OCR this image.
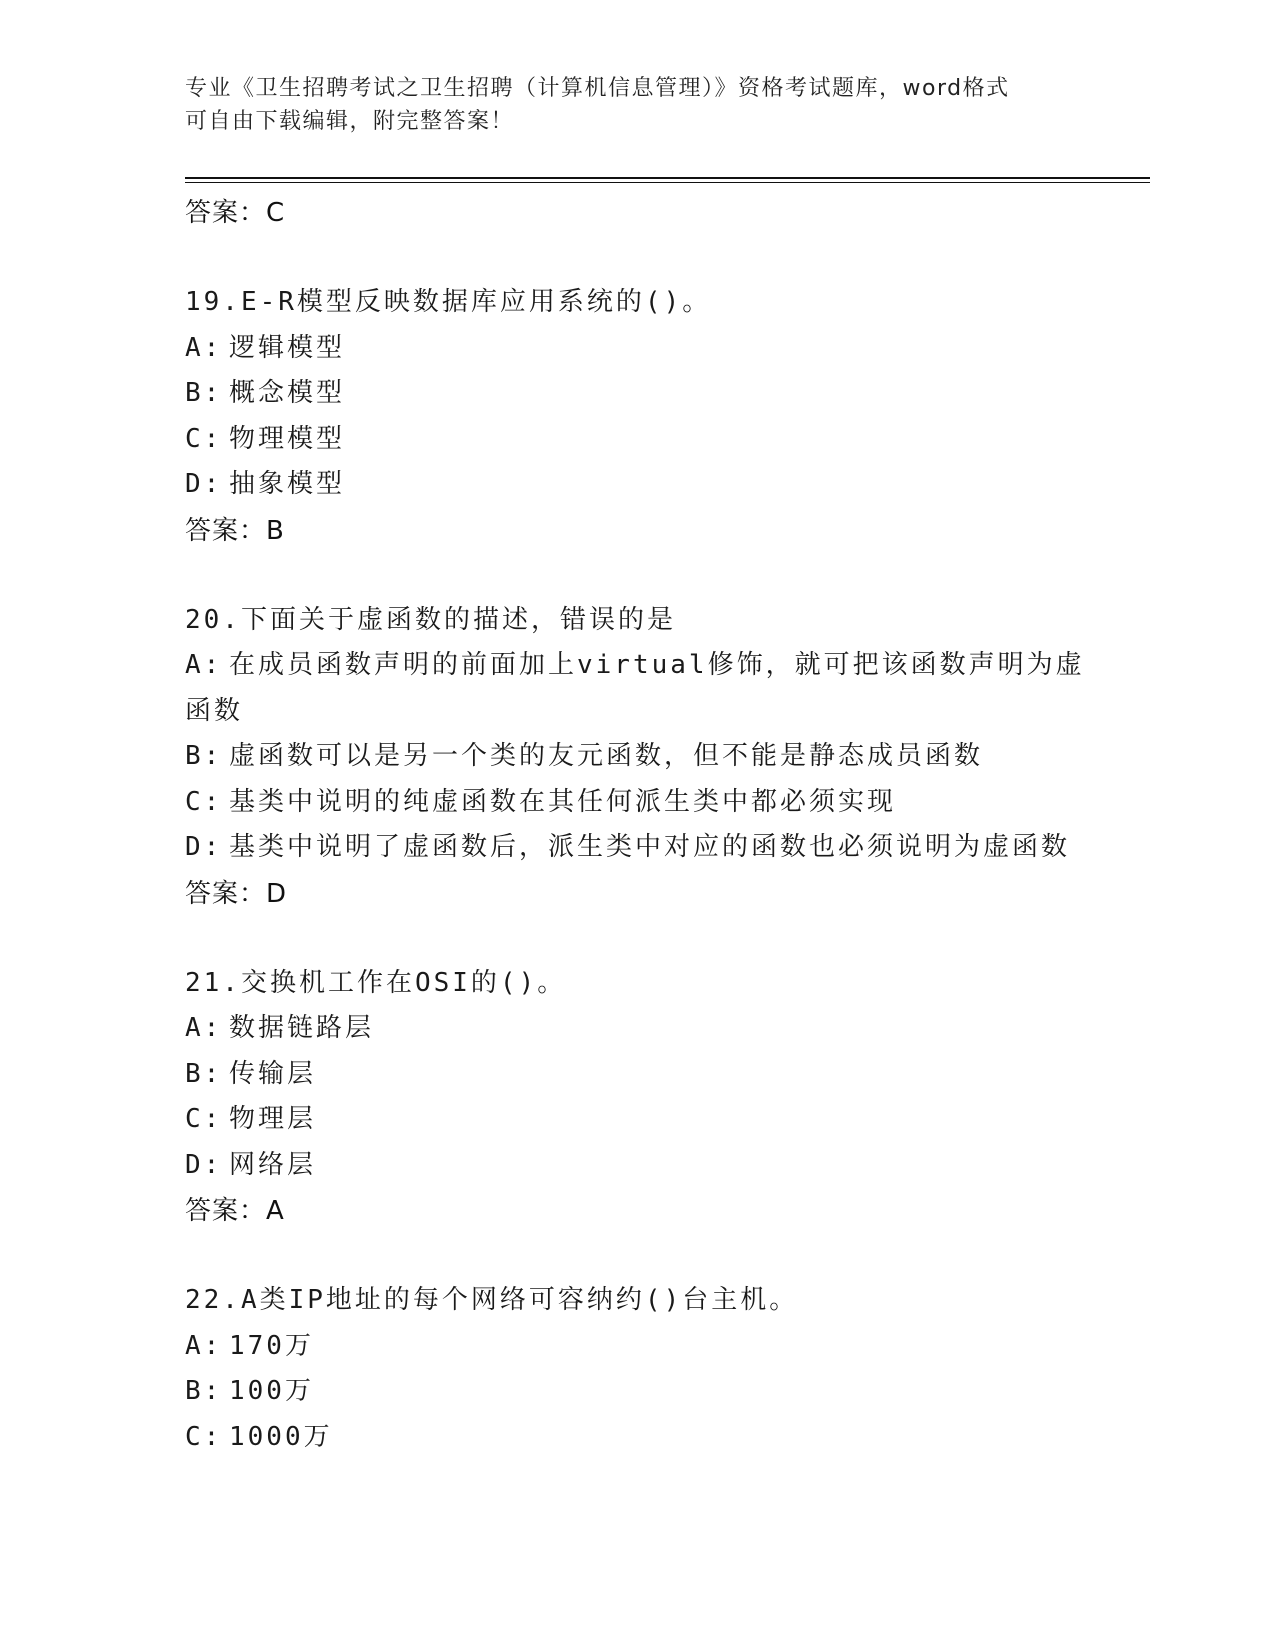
专业《卫生招聘考试之卫生招聘（计算机信息管理）》资格考试题库，word格式
可自由下载编辑，附完整答案！
答案：C
19.E-R模型反映数据库应用系统的()。
A: 逻辑模型
B: 概念模型
C: 物理模型
D: 抽象模型
答案：B
20.下面关于虚函数的描述，错误的是
A: 在成员函数声明的前面加上virtual修饰，就可把该函数声明为虚
函数
B: 虚函数可以是另一个类的友元函数，但不能是静态成员函数
C: 基类中说明的纯虚函数在其任何派生类中都必须实现
D: 基类中说明了虚函数后，派生类中对应的函数也必须说明为虚函数
答案：D
21.交换机工作在OSI的()。
A: 数据链路层
B: 传输层
C: 物理层
D: 网络层
答案：A
22.A类IP地址的每个网络可容纳约()台主机。
A: 170万
B: 100万
C: 1000万
